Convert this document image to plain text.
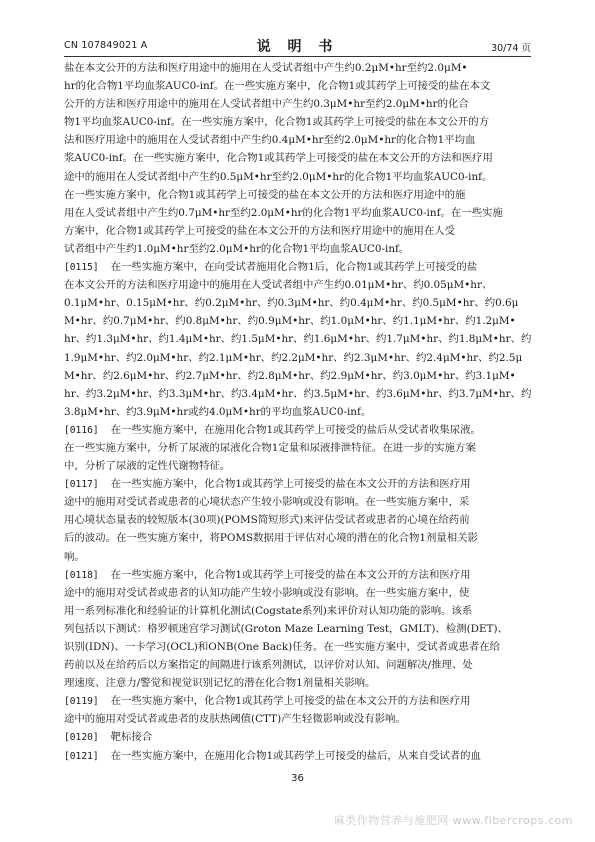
CN 107849021 A	说 明 书	30/74 页
盐在本文公开的方法和医疗用途中的施用在人受试者组中产生约0.2μM•hr至约2.0μM•
hr的化合物1平均血浆AUC0-inf。在一些实施方案中，化合物1或其药学上可接受的盐在本文
公开的方法和医疗用途中的施用在人受试者组中产生约0.3μM•hr至约2.0μM•hr的化合
物1平均血浆AUC0-inf。在一些实施方案中，化合物1或其药学上可接受的盐在本文公开的方
法和医疗用途中的施用在人受试者组中产生约0.4μM•hr至约2.0μM•hr的化合物1平均血
浆AUC0-inf。在一些实施方案中，化合物1或其药学上可接受的盐在本文公开的方法和医疗用
途中的施用在人受试者组中产生约0.5μM•hr至约2.0μM•hr的化合物1平均血浆AUC0-inf。
在一些实施方案中，化合物1或其药学上可接受的盐在本文公开的方法和医疗用途中的施
用在人受试者组中产生约0.7μM•hr至约2.0μM•hr的化合物1平均血浆AUC0-inf。在一些实施
方案中，化合物1或其药学上可接受的盐在本文公开的方法和医疗用途中的施用在人受
试者组中产生约1.0μM•hr至约2.0μM•hr的化合物1平均血浆AUC0-inf。
[0115] 在一些实施方案中，在向受试者施用化合物1后，化合物1或其药学上可接受的盐
在本文公开的方法和医疗用途中的施用在人受试者组中产生约0.01μM•hr、约0.05μM•hr、
0.1μM•hr、0.15μM•hr、约0.2μM•hr、约0.3μM•hr、约0.4μM•hr、约0.5μM•hr、约0.6μ
M•hr、约0.7μM•hr、约0.8μM•hr、约0.9μM•hr、约1.0μM•hr、约1.1μM•hr、约1.2μM•
hr、约1.3μM•hr、约1.4μM•hr、约1.5μM•hr、约1.6μM•hr、约1.7μM•hr、约1.8μM•hr、约
1.9μM•hr、约2.0μM•hr、约2.1μM•hr、约2.2μM•hr、约2.3μM•hr、约2.4μM•hr、约2.5μ
M•hr、约2.6μM•hr、约2.7μM•hr、约2.8μM•hr、约2.9μM•hr、约3.0μM•hr、约3.1μM•
hr、约3.2μM•hr、约3.3μM•hr、约3.4μM•hr、约3.5μM•hr、约3.6μM•hr、约3.7μM•hr、约
3.8μM•hr、约3.9μM•hr或约4.0μM•hr的平均血浆AUC0-inf。
[0116] 在一些实施方案中，在施用化合物1或其药学上可接受的盐后从受试者收集尿液。
在一些实施方案中，分析了尿液的尿液化合物1定量和尿液排泄特征。在进一步的实施方案
中，分析了尿液的定性代谢物特征。
[0117] 在一些实施方案中，化合物1或其药学上可接受的盐在本文公开的方法和医疗用
途中的施用对受试者或患者的心境状态产生较小影响或没有影响。在一些实施方案中，采
用心境状态量表的较短版本(30项)(POMS简短形式)来评估受试者或患者的心境在给药前
后的波动。在一些实施方案中，将POMS数据用于评估对心境的潜在的化合物1剂量相关影
响。
[0118] 在一些实施方案中，化合物1或其药学上可接受的盐在本文公开的方法和医疗用
途中的施用对受试者或患者的认知功能产生较小影响或没有影响。在一些实施方案中，使
用一系列标准化和经验证的计算机化测试(Cogstate系列)来评价对认知功能的影响。该系
列包括以下测试：格罗顿迷宫学习测试(Groton Maze Learning Test，GMLT)、检测(DET)、
识别(IDN)、一卡学习(OCL)和ONB(One Back)任务。在一些实施方案中，受试者或患者在给
药前以及在给药后以方案指定的间隔进行该系列测试，以评价对认知、问题解决/推理、处
理速度、注意力/警觉和视觉识别记忆的潜在化合物1剂量相关影响。
[0119] 在一些实施方案中，化合物1或其药学上可接受的盐在本文公开的方法和医疗用
途中的施用对受试者或患者的皮肤热阈值(CTT)产生轻微影响或没有影响。
[0120] 靶标接合
[0121] 在一些实施方案中，在施用化合物1或其药学上可接受的盐后，从来自受试者的血
36
麻类作物营养与施肥网 www.fibercrops.com
